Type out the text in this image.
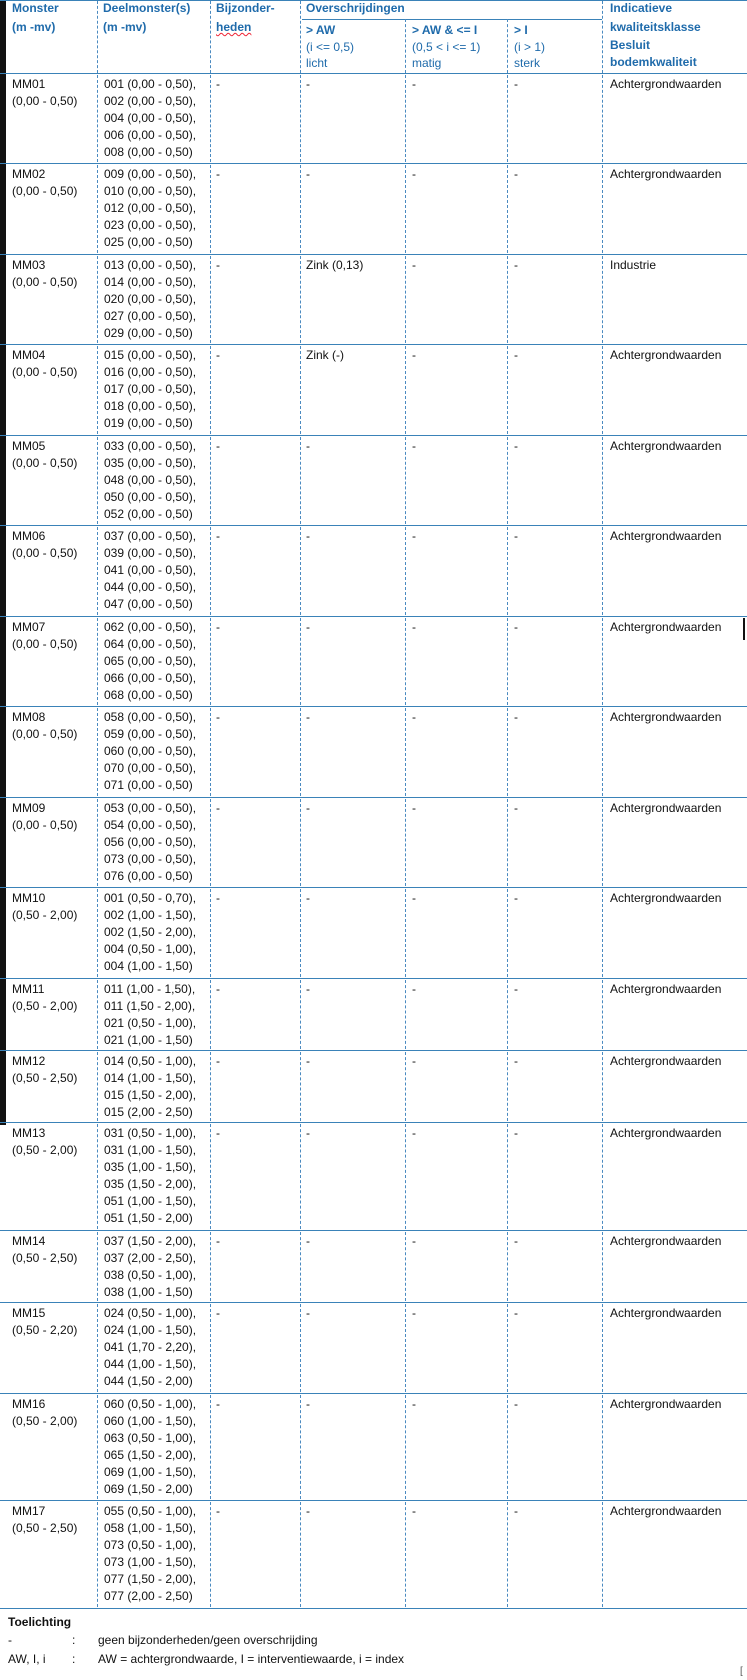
Monster
(m -mv)
Deelmonster(s)
(m -mv)
Bijzonder-
heden
Overschrijdingen
> AW
(i <= 0,5)
licht
> AW & <= I
(0,5 < i <= 1)
matig
> I
(i > 1)
sterk
Indicatieve
kwaliteitsklasse
Besluit
bodemkwaliteit
MM01
(0,00 - 0,50)
001 (0,00 - 0,50),
002 (0,00 - 0,50),
004 (0,00 - 0,50),
006 (0,00 - 0,50),
008 (0,00 - 0,50)
-	-	-	-	Achtergrondwaarden
MM02
(0,00 - 0,50)
009 (0,00 - 0,50),
010 (0,00 - 0,50),
012 (0,00 - 0,50),
023 (0,00 - 0,50),
025 (0,00 - 0,50)
-	-	-	-	Achtergrondwaarden
MM03
(0,00 - 0,50)
013 (0,00 - 0,50),
014 (0,00 - 0,50),
020 (0,00 - 0,50),
027 (0,00 - 0,50),
029 (0,00 - 0,50)
-	Zink (0,13)	-	-	Industrie
MM04
(0,00 - 0,50)
015 (0,00 - 0,50),
016 (0,00 - 0,50),
017 (0,00 - 0,50),
018 (0,00 - 0,50),
019 (0,00 - 0,50)
-	Zink (-)	-	-	Achtergrondwaarden
MM05
(0,00 - 0,50)
033 (0,00 - 0,50),
035 (0,00 - 0,50),
048 (0,00 - 0,50),
050 (0,00 - 0,50),
052 (0,00 - 0,50)
-	-	-	-	Achtergrondwaarden
MM06
(0,00 - 0,50)
037 (0,00 - 0,50),
039 (0,00 - 0,50),
041 (0,00 - 0,50),
044 (0,00 - 0,50),
047 (0,00 - 0,50)
-	-	-	-	Achtergrondwaarden
MM07
(0,00 - 0,50)
062 (0,00 - 0,50),
064 (0,00 - 0,50),
065 (0,00 - 0,50),
066 (0,00 - 0,50),
068 (0,00 - 0,50)
-	-	-	-	Achtergrondwaarden
MM08
(0,00 - 0,50)
058 (0,00 - 0,50),
059 (0,00 - 0,50),
060 (0,00 - 0,50),
070 (0,00 - 0,50),
071 (0,00 - 0,50)
-	-	-	-	Achtergrondwaarden
MM09
(0,00 - 0,50)
053 (0,00 - 0,50),
054 (0,00 - 0,50),
056 (0,00 - 0,50),
073 (0,00 - 0,50),
076 (0,00 - 0,50)
-	-	-	-	Achtergrondwaarden
MM10
(0,50 - 2,00)
001 (0,50 - 0,70),
002 (1,00 - 1,50),
002 (1,50 - 2,00),
004 (0,50 - 1,00),
004 (1,00 - 1,50)
-	-	-	-	Achtergrondwaarden
MM11
(0,50 - 2,00)
011 (1,00 - 1,50),
011 (1,50 - 2,00),
021 (0,50 - 1,00),
021 (1,00 - 1,50)
-	-	-	-	Achtergrondwaarden
MM12
(0,50 - 2,50)
014 (0,50 - 1,00),
014 (1,00 - 1,50),
015 (1,50 - 2,00),
015 (2,00 - 2,50)
-	-	-	-	Achtergrondwaarden
MM13
(0,50 - 2,00)
031 (0,50 - 1,00),
031 (1,00 - 1,50),
035 (1,00 - 1,50),
035 (1,50 - 2,00),
051 (1,00 - 1,50),
051 (1,50 - 2,00)
-	-	-	-	Achtergrondwaarden
MM14
(0,50 - 2,50)
037 (1,50 - 2,00),
037 (2,00 - 2,50),
038 (0,50 - 1,00),
038 (1,00 - 1,50)
-	-	-	-	Achtergrondwaarden
MM15
(0,50 - 2,20)
024 (0,50 - 1,00),
024 (1,00 - 1,50),
041 (1,70 - 2,20),
044 (1,00 - 1,50),
044 (1,50 - 2,00)
-	-	-	-	Achtergrondwaarden
MM16
(0,50 - 2,00)
060 (0,50 - 1,00),
060 (1,00 - 1,50),
063 (0,50 - 1,00),
065 (1,50 - 2,00),
069 (1,00 - 1,50),
069 (1,50 - 2,00)
-	-	-	-	Achtergrondwaarden
MM17
(0,50 - 2,50)
055 (0,50 - 1,00),
058 (1,00 - 1,50),
073 (0,50 - 1,00),
073 (1,00 - 1,50),
077 (1,50 - 2,00),
077 (2,00 - 2,50)
-	-	-	-	Achtergrondwaarden
Toelichting
-	: geen bijzonderheden/geen overschrijding
AW, I, i : AW = achtergrondwaarde, I = interventiewaarde, i = index
[
